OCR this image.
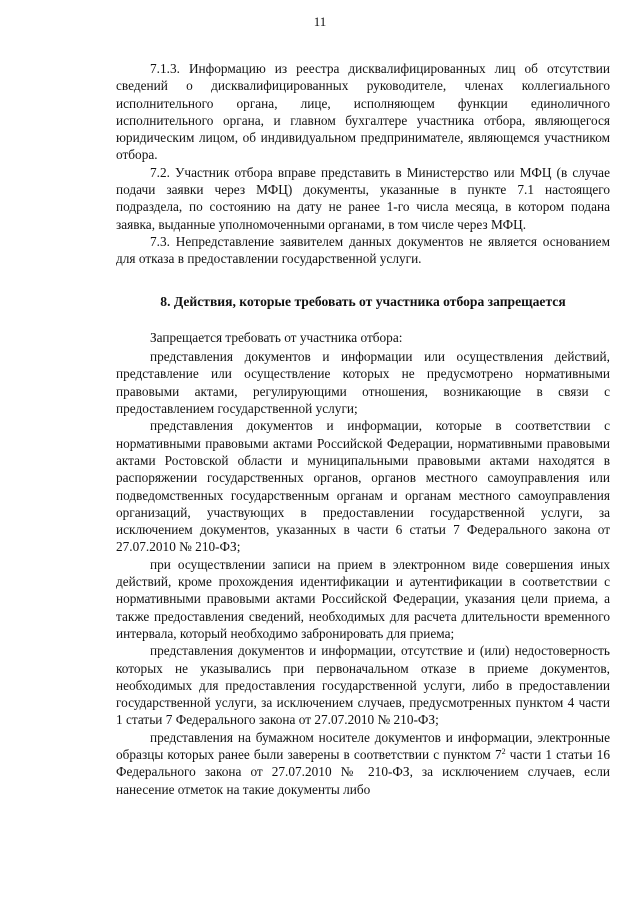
11

7.1.3. Информацию из реестра дисквалифицированных лиц об отсутствии сведений о дисквалифицированных руководителе, членах коллегиального исполнительного органа, лице, исполняющем функции единоличного исполнительного органа, и главном бухгалтере участника отбора, являющегося юридическим лицом, об индивидуальном предпринимателе, являющемся участником отбора.

7.2. Участник отбора вправе представить в Министерство или МФЦ (в случае подачи заявки через МФЦ) документы, указанные в пункте 7.1 настоящего подраздела, по состоянию на дату не ранее 1-го числа месяца, в котором подана заявка, выданные уполномоченными органами, в том числе через МФЦ.

7.3. Непредставление заявителем данных документов не является основанием для отказа в предоставлении государственной услуги.

8. Действия, которые требовать от участника отбора запрещается

Запрещается требовать от участника отбора:

представления документов и информации или осуществления действий, представление или осуществление которых не предусмотрено нормативными правовыми актами, регулирующими отношения, возникающие в связи с предоставлением государственной услуги;

представления документов и информации, которые в соответствии с нормативными правовыми актами Российской Федерации, нормативными правовыми актами Ростовской области и муниципальными правовыми актами находятся в распоряжении государственных органов, органов местного самоуправления или подведомственных государственным органам и органам местного самоуправления организаций, участвующих в предоставлении государственной услуги, за исключением документов, указанных в части 6 статьи 7 Федерального закона от 27.07.2010 № 210-ФЗ;

при осуществлении записи на прием в электронном виде совершения иных действий, кроме прохождения идентификации и аутентификации в соответствии с нормативными правовыми актами Российской Федерации, указания цели приема, а также предоставления сведений, необходимых для расчета длительности временного интервала, который необходимо забронировать для приема;

представления документов и информации, отсутствие и (или) недостоверность которых не указывались при первоначальном отказе в приеме документов, необходимых для предоставления государственной услуги, либо в предоставлении государственной услуги, за исключением случаев, предусмотренных пунктом 4 части 1 статьи 7 Федерального закона от 27.07.2010 № 210-ФЗ;

представления на бумажном носителе документов и информации, электронные образцы которых ранее были заверены в соответствии с пунктом $7^2$ части 1 статьи 16 Федерального закона от 27.07.2010 № 210-ФЗ, за исключением случаев, если нанесение отметок на такие документы либо
